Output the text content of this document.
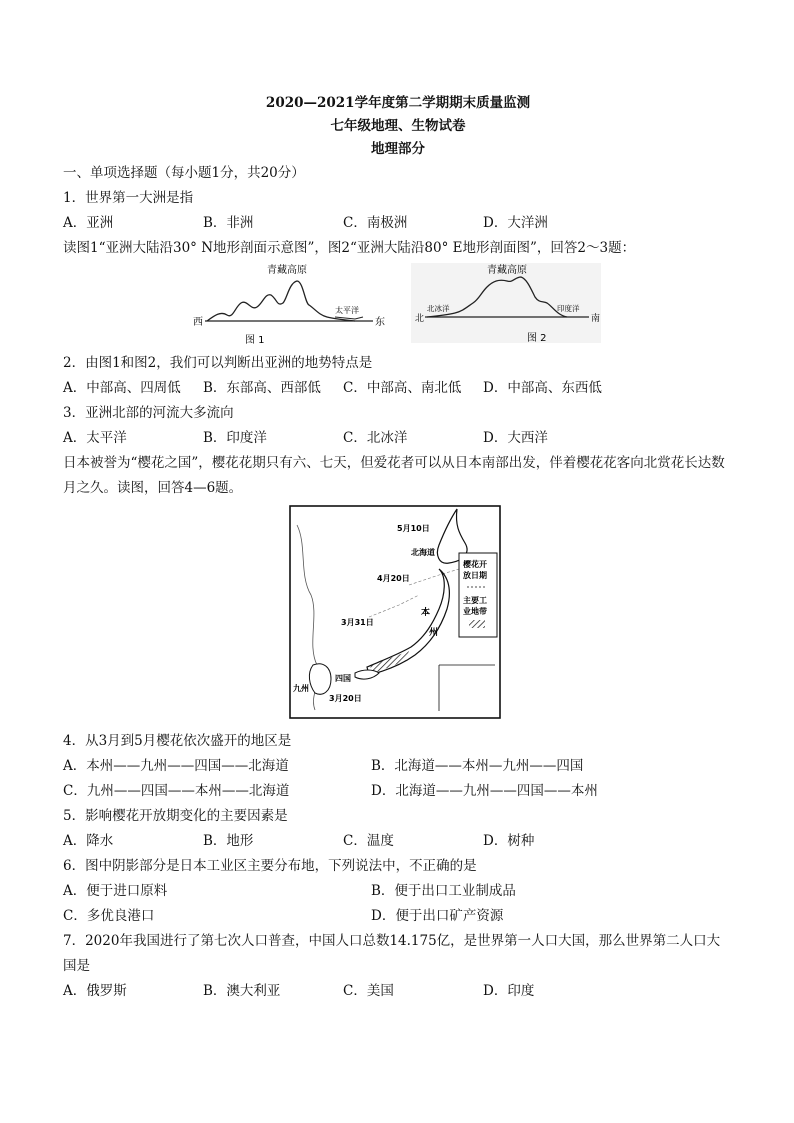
2020—2021学年度第二学期期末质量监测
七年级地理、生物试卷
地理部分
一、单项选择题（每小题1分，共20分）
1．世界第一大洲是指
A．亚洲	B．非洲	C．南极洲	D．大洋洲
读图1“亚洲大陆沿30° N地形剖面示意图”，图2“亚洲大陆沿80° E地形剖面图”，回答2～3题：
青藏高原
西	东
太平洋
图 1
青藏高原
北	南
北冰洋	印度洋
图 2
2．由图1和图2，我们可以判断出亚洲的地势特点是
A．中部高、四周低	B．东部高、西部低	C．中部高、南北低	D．中部高、东西低
3．亚洲北部的河流大多流向
A．太平洋	B．印度洋	C．北冰洋	D．大西洋
日本被誉为“樱花之国”，樱花花期只有六、七天，但爱花者可以从日本南部出发，伴着樱花花客向北赏花长达数月之久。读图，回答4—6题。
樱花开
放日期
主要工
业地带
5月10日
北海道
4月20日
本
州
3月31日
四国
九州
3月20日
4．从3月到5月樱花依次盛开的地区是
A．本州——九州——四国——北海道	B．北海道——本州—九州——四国
C．九州——四国——本州——北海道	D．北海道——九州——四国——本州
5．影响樱花开放期变化的主要因素是
A．降水	B．地形	C．温度	D．树种
6．图中阴影部分是日本工业区主要分布地，下列说法中，不正确的是
A．便于进口原料	B．便于出口工业制成品
C．多优良港口	D．便于出口矿产资源
7．2020年我国进行了第七次人口普查，中国人口总数14.175亿，是世界第一人口大国，那么世界第二人口大国是
A．俄罗斯	B．澳大利亚	C．美国	D．印度
